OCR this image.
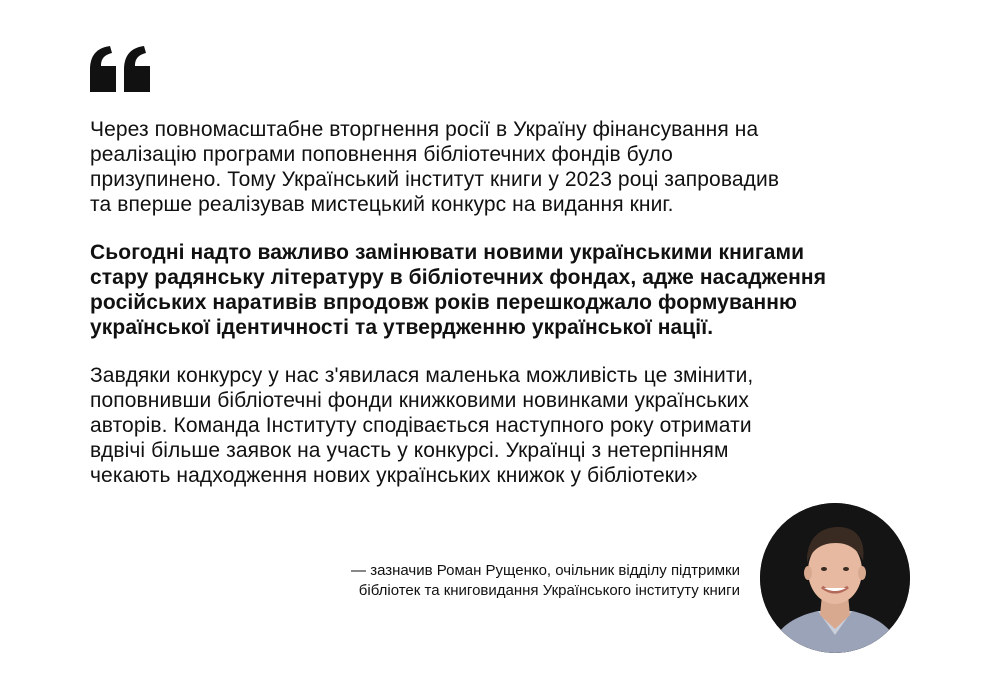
Через повномасштабне вторгнення росії в Україну фінансування на
реалізацію програми поповнення бібліотечних фондів було
призупинено. Тому Український інститут книги у 2023 році запровадив
та вперше реалізував мистецький конкурс на видання книг.

Сьогодні надто важливо замінювати новими українськими книгами
стару радянську літературу в бібліотечних фондах, адже насадження
російських наративів впродовж років перешкоджало формуванню
української ідентичності та утвердженню української нації.

Завдяки конкурсу у нас з'явилася маленька можливість це змінити,
поповнивши бібліотечні фонди книжковими новинками українських
авторів. Команда Інституту сподівається наступного року отримати
вдвічі більше заявок на участь у конкурсі. Українці з нетерпінням
чекають надходження нових українських книжок у бібліотеки»

— зазначив Роман Рущенко, очільник відділу підтримки
бібліотек та книговидання Українського інституту книги
